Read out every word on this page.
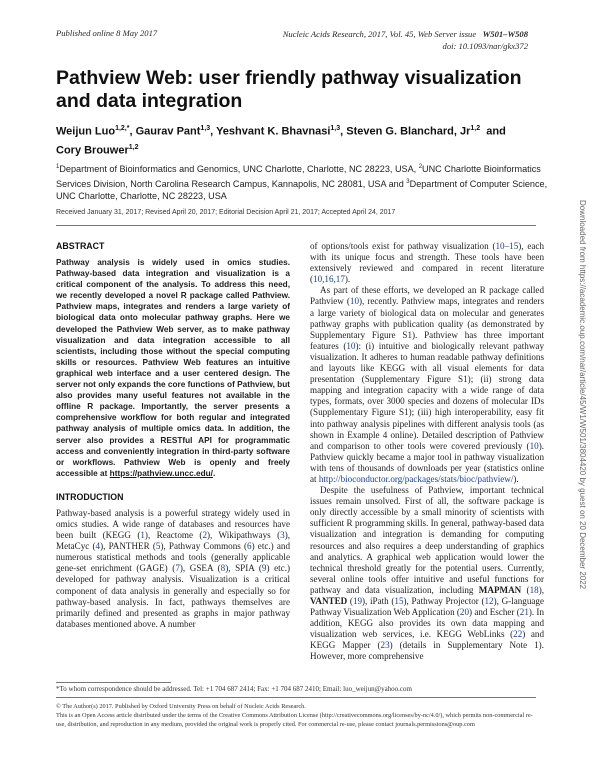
Published online 8 May 2017	Nucleic Acids Research, 2017, Vol. 45, Web Server issue W501–W508
doi: 10.1093/nar/gkx372
Pathview Web: user friendly pathway visualization and data integration
Weijun Luo$^{1,2,*}$, Gaurav Pant$^{1,3}$, Yeshvant K. Bhavnasi$^{1,3}$, Steven G. Blanchard, Jr$^{1,2}$ and
Cory Brouwer$^{1,2}$
$^1$Department of Bioinformatics and Genomics, UNC Charlotte, Charlotte, NC 28223, USA, $^2$UNC Charlotte Bioinformatics Services Division, North Carolina Research Campus, Kannapolis, NC 28081, USA and $^3$Department of Computer Science, UNC Charlotte, Charlotte, NC 28223, USA
Received January 31, 2017; Revised April 20, 2017; Editorial Decision April 21, 2017; Accepted April 24, 2017
ABSTRACT

Pathway analysis is widely used in omics studies. Pathway-based data integration and visualization is a critical component of the analysis. To address this need, we recently developed a novel R package called Pathview. Pathview maps, integrates and renders a large variety of biological data onto molecular pathway graphs. Here we developed the Pathview Web server, as to make pathway visualization and data integration accessible to all scientists, including those without the special computing skills or resources. Pathview Web features an intuitive graphical web interface and a user centered design. The server not only expands the core functions of Pathview, but also provides many useful features not available in the offline R package. Importantly, the server presents a comprehensive workflow for both regular and integrated pathway analysis of multiple omics data. In addition, the server also provides a RESTful API for programmatic access and conveniently integration in third-party software or workflows. Pathview Web is openly and freely accessible at https://pathview.uncc.edu/.

INTRODUCTION

Pathway-based analysis is a powerful strategy widely used in omics studies. A wide range of databases and resources have been built (KEGG (1), Reactome (2), Wikipathways (3), MetaCyc (4), PANTHER (5), Pathway Commons (6) etc.) and numerous statistical methods and tools (generally applicable gene-set enrichment (GAGE) (7), GSEA (8), SPIA (9) etc.) developed for pathway analysis. Visualization is a critical component of data analysis in generally and especially so for pathway-based analysis. In fact, pathways themselves are primarily defined and presented as graphs in major pathway databases mentioned above. A number

of options/tools exist for pathway visualization (10–15), each with its unique focus and strength. These tools have been extensively reviewed and compared in recent literature (10,16,17).

As part of these efforts, we developed an R package called Pathview (10), recently. Pathview maps, integrates and renders a large variety of biological data on molecular and generates pathway graphs with publication quality (as demonstrated by Supplementary Figure S1). Pathview has three important features (10): (i) intuitive and biologically relevant pathway visualization. It adheres to human readable pathway definitions and layouts like KEGG with all visual elements for data presentation (Supplementary Figure S1); (ii) strong data mapping and integration capacity with a wide range of data types, formats, over 3000 species and dozens of molecular IDs (Supplementary Figure S1); (iii) high interoperability, easy fit into pathway analysis pipelines with different analysis tools (as shown in Example 4 online). Detailed description of Pathview and comparison to other tools were covered previously (10). Pathview quickly became a major tool in pathway visualization with tens of thousands of downloads per year (statistics online at http://bioconductor.org/packages/stats/bioc/pathview/).

Despite the usefulness of Pathview, important technical issues remain unsolved. First of all, the software package is only directly accessible by a small minority of scientists with sufficient R programming skills. In general, pathway-based data visualization and integration is demanding for computing resources and also requires a deep understanding of graphics and analytics. A graphical web application would lower the technical threshold greatly for the potential users. Currently, several online tools offer intuitive and useful functions for pathway and data visualization, including MAPMAN (18), VANTED (19), iPath (15), Pathway Projector (12), G-language Pathway Visualization Web Application (20) and Escher (21). In addition, KEGG also provides its own data mapping and visualization web services, i.e. KEGG WebLinks (22) and KEGG Mapper (23) (details in Supplementary Note 1). However, more comprehensive

*To whom correspondence should be addressed. Tel: +1 704 687 2414; Fax: +1 704 687 2410; Email: luo_weijun@yahoo.com
© The Author(s) 2017. Published by Oxford University Press on behalf of Nucleic Acids Research.
This is an Open Access article distributed under the terms of the Creative Commons Attribution License (http://creativecommons.org/licenses/by-nc/4.0/), which permits non-commercial re-use, distribution, and reproduction in any medium, provided the original work is properly cited. For commercial re-use, please contact journals.permissions@oup.com
Downloaded from https://academic.oup.com/nar/article/45/W1/W501/3804420 by guest on 20 December 2022
